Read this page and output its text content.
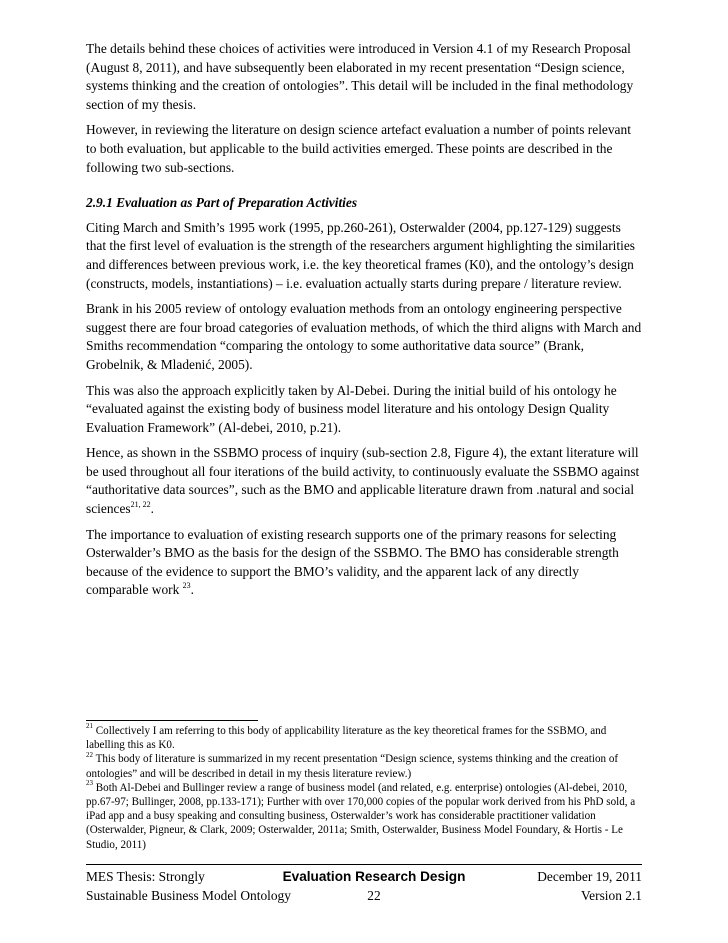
The details behind these choices of activities were introduced in Version 4.1 of my Research Proposal (August 8, 2011), and have subsequently been elaborated in my recent presentation “Design science, systems thinking and the creation of ontologies”. This detail will be included in the final methodology section of my thesis.

However, in reviewing the literature on design science artefact evaluation a number of points relevant to both evaluation, but applicable to the build activities emerged. These points are described in the following two sub-sections.

2.9.1 Evaluation as Part of Preparation Activities

Citing March and Smith’s 1995 work (1995, pp.260-261), Osterwalder (2004, pp.127-129) suggests that the first level of evaluation is the strength of the researchers argument highlighting the similarities and differences between previous work, i.e. the key theoretical frames (K0), and the ontology’s design (constructs, models, instantiations) – i.e. evaluation actually starts during prepare / literature review.

Brank in his 2005 review of ontology evaluation methods from an ontology engineering perspective suggest there are four broad categories of evaluation methods, of which the third aligns with March and Smiths recommendation “comparing the ontology to some authoritative data source” (Brank, Grobelnik, & Mladenić, 2005).

This was also the approach explicitly taken by Al-Debei. During the initial build of his ontology he “evaluated against the existing body of business model literature and his ontology Design Quality Evaluation Framework” (Al-debei, 2010, p.21).

Hence, as shown in the SSBMO process of inquiry (sub-section 2.8, Figure 4), the extant literature will be used throughout all four iterations of the build activity, to continuously evaluate the SSBMO against “authoritative data sources”, such as the BMO and applicable literature drawn from .natural and social sciences$^{21, 22}$.

The importance to evaluation of existing research supports one of the primary reasons for selecting Osterwalder’s BMO as the basis for the design of the SSBMO. The BMO has considerable strength because of the evidence to support the BMO’s validity, and the apparent lack of any directly comparable work $^{23}$.

$^{21}$ Collectively I am referring to this body of applicability literature as the key theoretical frames for the SSBMO, and labelling this as K0.

$^{22}$ This body of literature is summarized in my recent presentation “Design science, systems thinking and the creation of ontologies” and will be described in detail in my thesis literature review.)

$^{23}$ Both Al-Debei and Bullinger review a range of business model (and related, e.g. enterprise) ontologies (Al-debei, 2010, pp.67-97; Bullinger, 2008, pp.133-171); Further with over 170,000 copies of the popular work derived from his PhD sold, a iPad app and a busy speaking and consulting business, Osterwalder’s work has considerable practitioner validation (Osterwalder, Pigneur, & Clark, 2009; Osterwalder, 2011a; Smith, Osterwalder, Business Model Foundary, & Hortis - Le Studio, 2011)

MES Thesis: Strongly	Evaluation Research Design	December 19, 2011
Sustainable Business Model Ontology	22	Version 2.1
